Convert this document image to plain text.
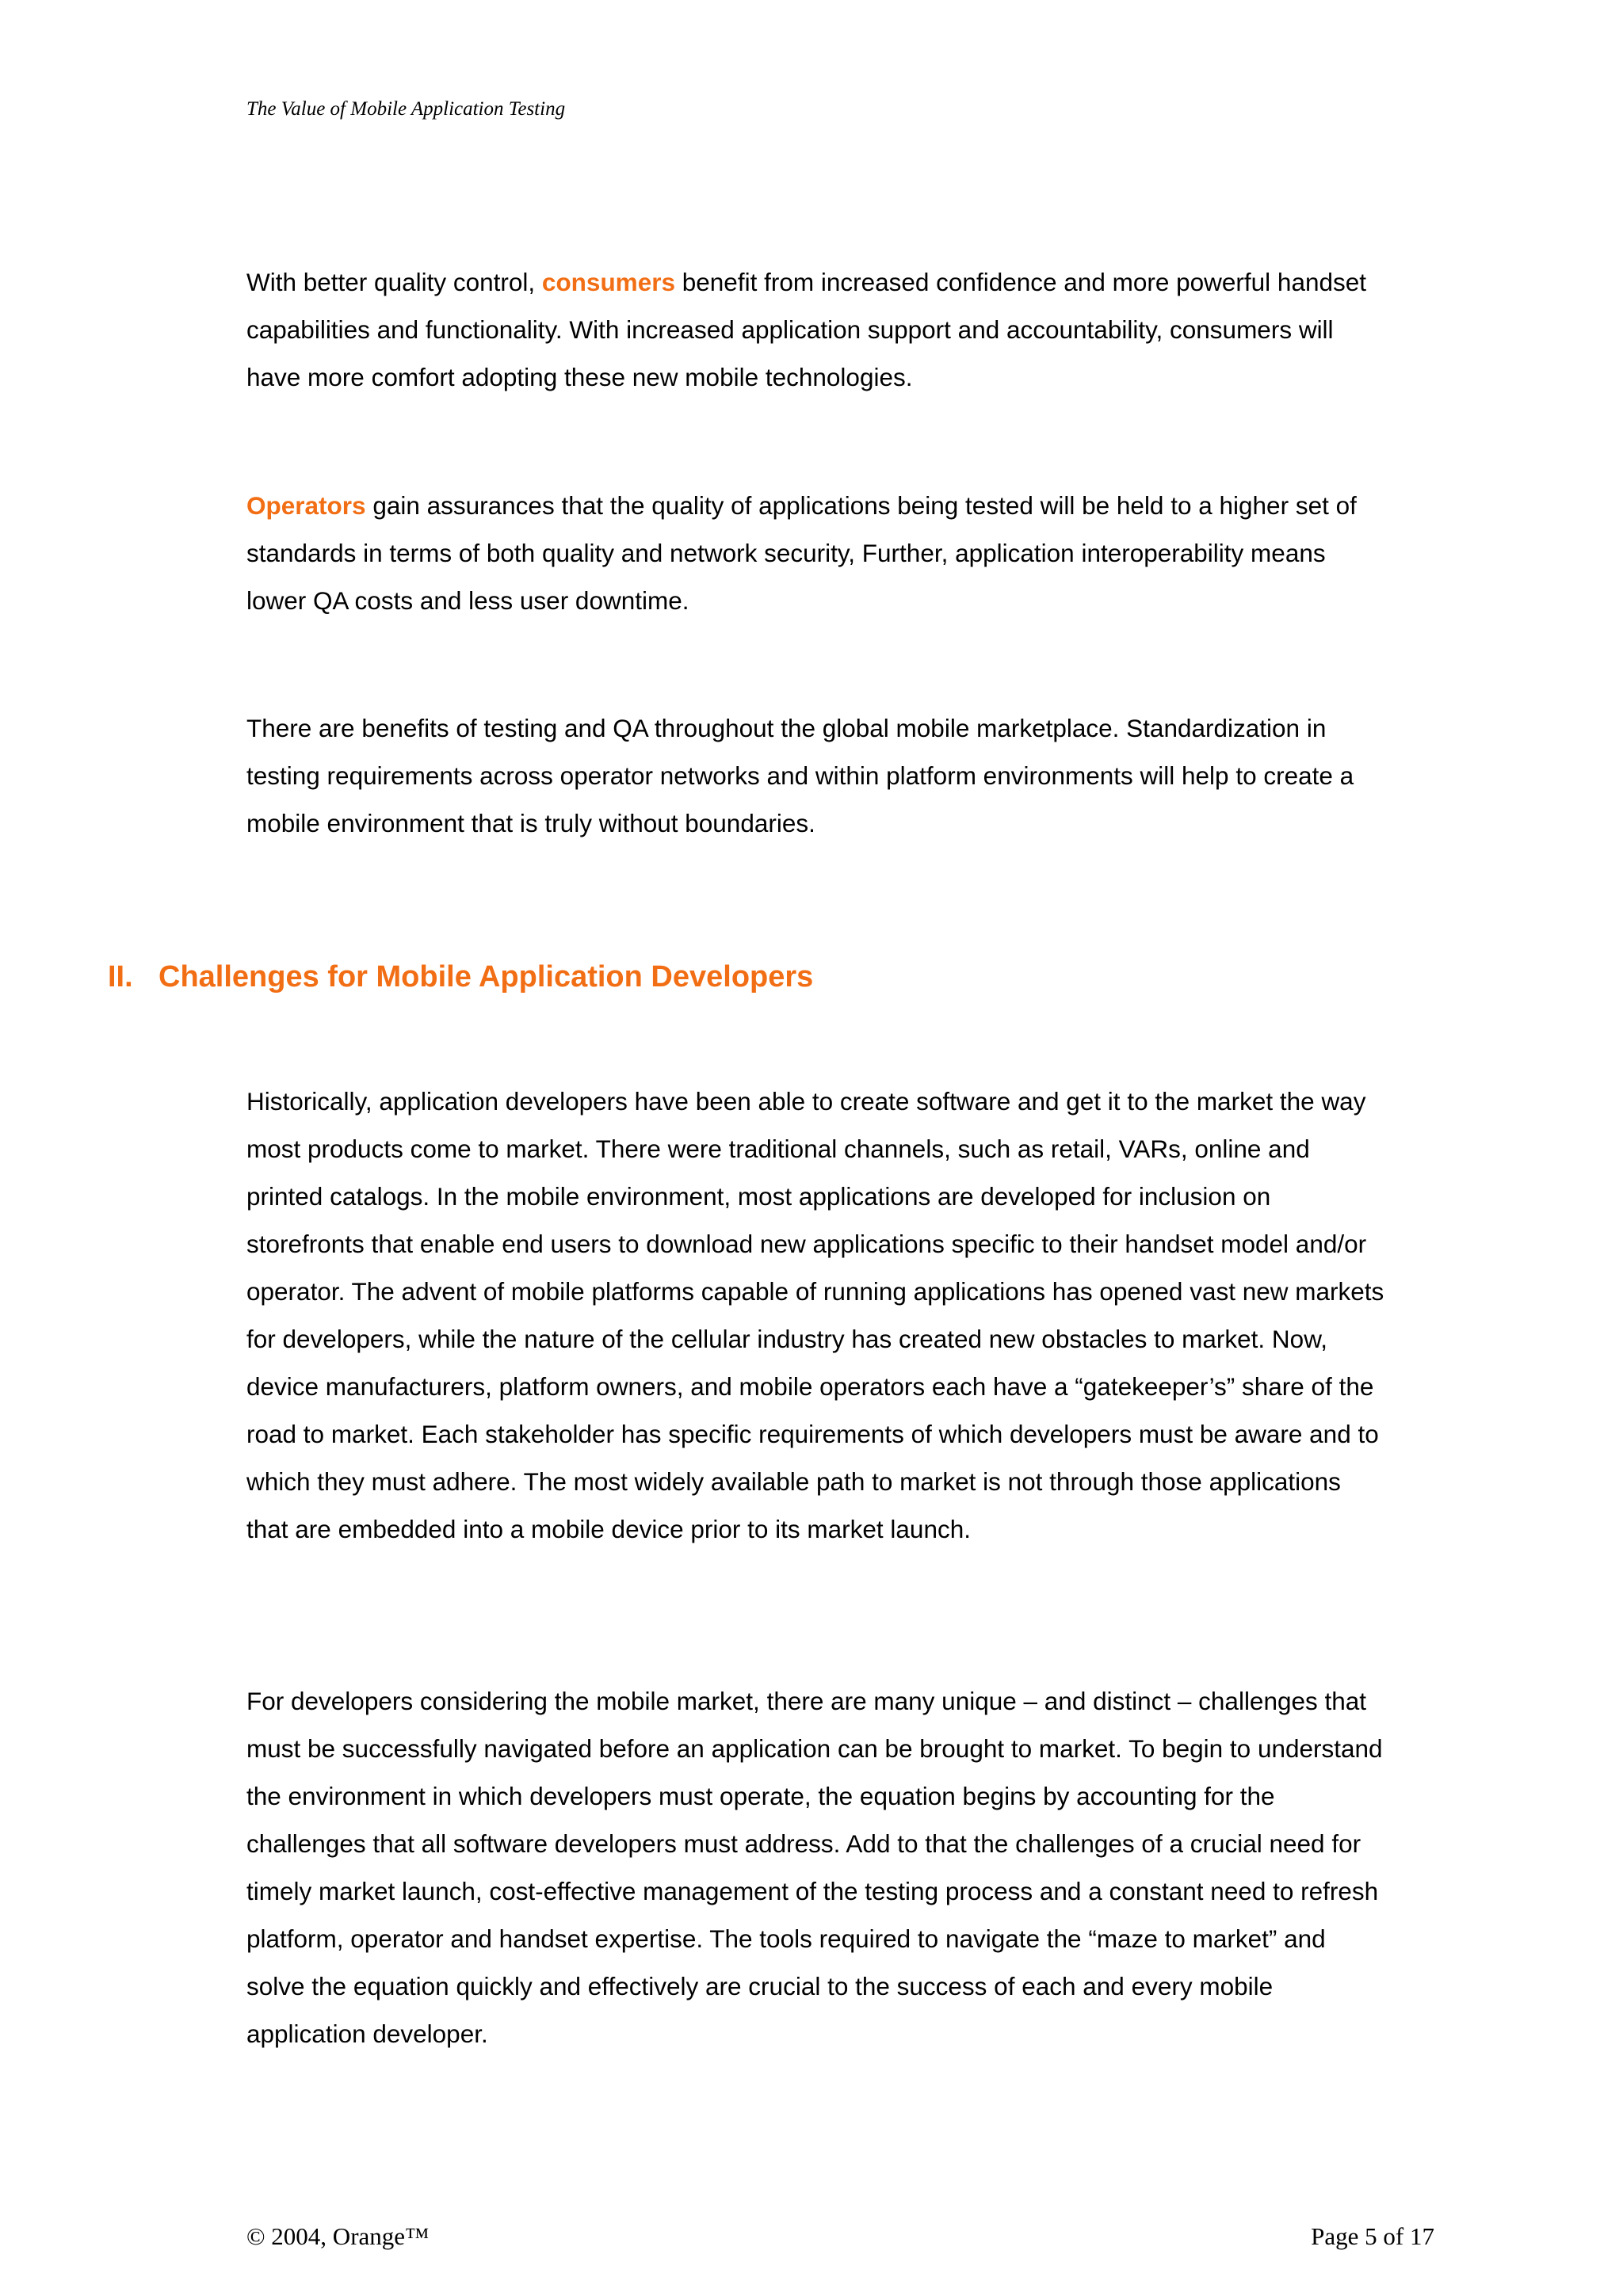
The Value of Mobile Application Testing

With better quality control, consumers benefit from increased confidence and more powerful handset capabilities and functionality. With increased application support and accountability, consumers will have more comfort adopting these new mobile technologies.

Operators gain assurances that the quality of applications being tested will be held to a higher set of standards in terms of both quality and network security, Further, application interoperability means lower QA costs and less user downtime.

There are benefits of testing and QA throughout the global mobile marketplace. Standardization in testing requirements across operator networks and within platform environments will help to create a mobile environment that is truly without boundaries.

II. Challenges for Mobile Application Developers

Historically, application developers have been able to create software and get it to the market the way most products come to market. There were traditional channels, such as retail, VARs, online and printed catalogs. In the mobile environment, most applications are developed for inclusion on storefronts that enable end users to download new applications specific to their handset model and/or operator. The advent of mobile platforms capable of running applications has opened vast new markets for developers, while the nature of the cellular industry has created new obstacles to market. Now, device manufacturers, platform owners, and mobile operators each have a “gatekeeper’s” share of the road to market. Each stakeholder has specific requirements of which developers must be aware and to which they must adhere. The most widely available path to market is not through those applications that are embedded into a mobile device prior to its market launch.

For developers considering the mobile market, there are many unique – and distinct – challenges that must be successfully navigated before an application can be brought to market. To begin to understand the environment in which developers must operate, the equation begins by accounting for the challenges that all software developers must address. Add to that the challenges of a crucial need for timely market launch, cost-effective management of the testing process and a constant need to refresh platform, operator and handset expertise. The tools required to navigate the “maze to market” and solve the equation quickly and effectively are crucial to the success of each and every mobile application developer.

© 2004, Orange™	Page 5 of 17
